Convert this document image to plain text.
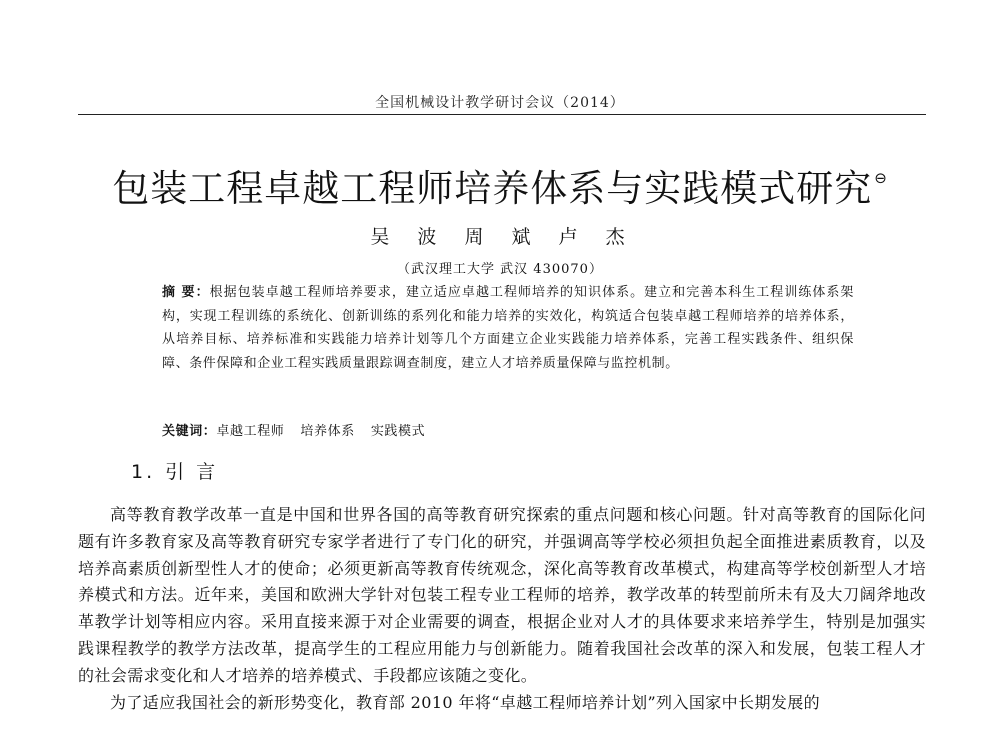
全国机械设计教学研讨会议（2014）
包装工程卓越工程师培养体系与实践模式研究 ⊖
吴 波 周 斌 卢 杰
（武汉理工大学 武汉 430070）
摘 要：根据包装卓越工程师培养要求，建立适应卓越工程师培养的知识体系。建立和完善本科生工程训练体系架构，实现工程训练的系统化、创新训练的系列化和能力培养的实效化，构筑适合包装卓越工程师培养的培养体系，从培养目标、培养标准和实践能力培养计划等几个方面建立企业实践能力培养体系，完善工程实践条件、组织保障、条件保障和企业工程实践质量跟踪调查制度，建立人才培养质量保障与监控机制。
关键词：卓越工程师 培养体系 实践模式
1. 引言

高等教育教学改革一直是中国和世界各国的高等教育研究探索的重点问题和核心问题。针对高等教育的国际化问题有许多教育家及高等教育研究专家学者进行了专门化的研究，并强调高等学校必须担负起全面推进素质教育，以及培养高素质创新型性人才的使命；必须更新高等教育传统观念，深化高等教育改革模式，构建高等学校创新型人才培养模式和方法。近年来，美国和欧洲大学针对包装工程专业工程师的培养，教学改革的转型前所未有及大刀阔斧地改革教学计划等相应内容。采用直接来源于对企业需要的调查，根据企业对人才的具体要求来培养学生，特别是加强实践课程教学的教学方法改革，提高学生的工程应用能力与创新能力。随着我国社会改革的深入和发展，包装工程人才的社会需求变化和人才培养的培养模式、手段都应该随之变化。

为了适应我国社会的新形势变化，教育部 2010 年将“卓越工程师培养计划”列入国家中长期发展的
